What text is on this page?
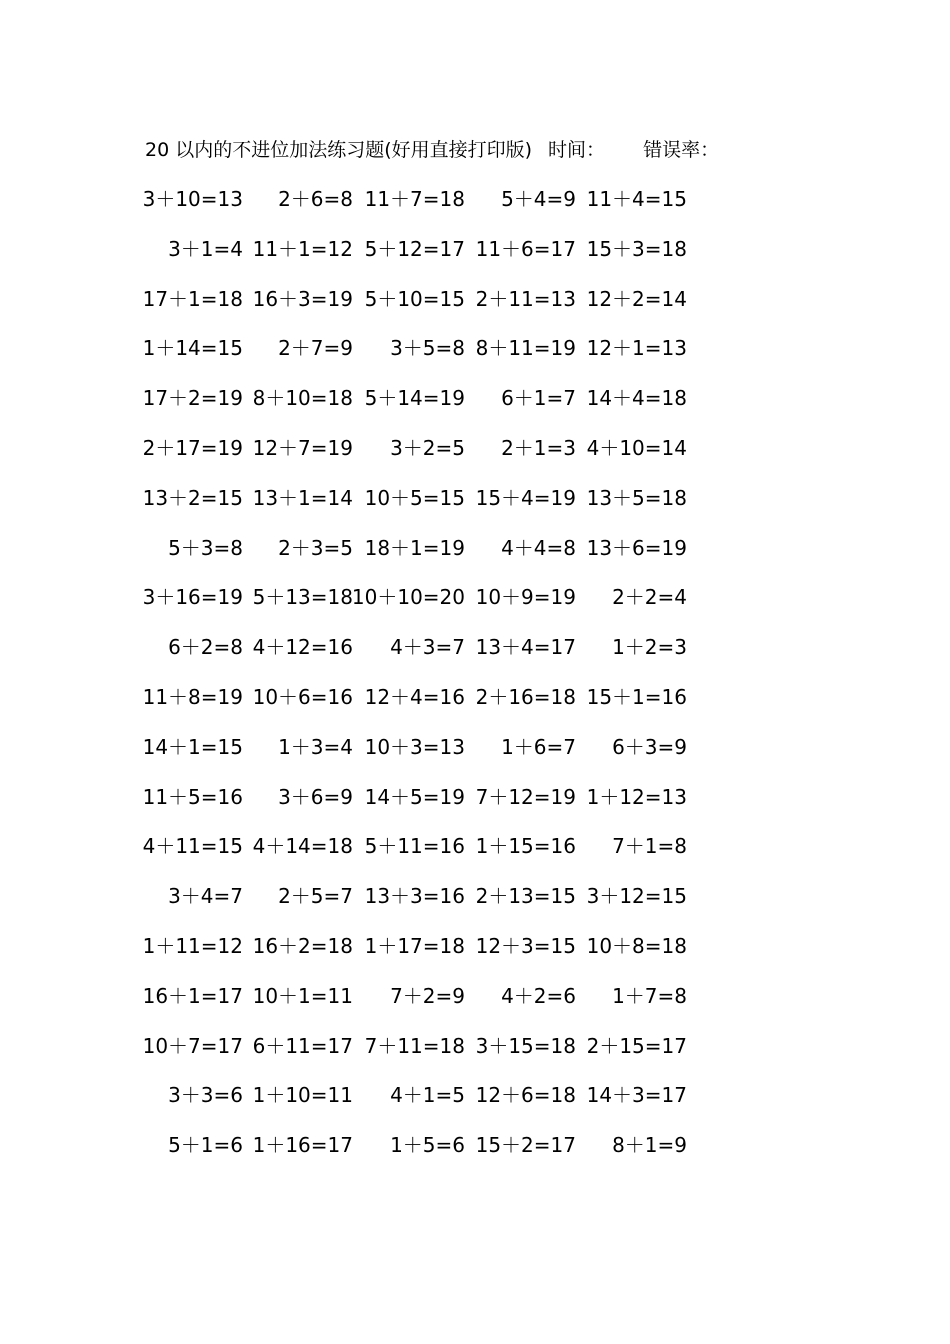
20 以内的不进位加法练习题(好用直接打印版) 时间： 错误率：
3＋10=13 2＋6=8 11＋7=18 5＋4=9 11＋4=15
3＋1=4 11＋1=12 5＋12=17 11＋6=17 15＋3=18
17＋1=18 16＋3=19 5＋10=15 2＋11=13 12＋2=14
1＋14=15 2＋7=9 3＋5=8 8＋11=19 12＋1=13
17＋2=19 8＋10=18 5＋14=19 6＋1=7 14＋4=18
2＋17=19 12＋7=19 3＋2=5 2＋1=3 4＋10=14
13＋2=15 13＋1=14 10＋5=15 15＋4=19 13＋5=18
5＋3=8 2＋3=5 18＋1=19 4＋4=8 13＋6=19
3＋16=19 5＋13=18
10＋10=20 10＋9=19 2＋2=4
6＋2=8 4＋12=16 4＋3=7 13＋4=17 1＋2=3
11＋8=19 10＋6=16 12＋4=16 2＋16=18 15＋1=16
14＋1=15 1＋3=4 10＋3=13 1＋6=7 6＋3=9
11＋5=16 3＋6=9 14＋5=19 7＋12=19 1＋12=13
4＋11=15 4＋14=18 5＋11=16 1＋15=16 7＋1=8
3＋4=7 2＋5=7 13＋3=16 2＋13=15 3＋12=15
1＋11=12 16＋2=18 1＋17=18 12＋3=15 10＋8=18
16＋1=17 10＋1=11 7＋2=9 4＋2=6 1＋7=8
10＋7=17 6＋11=17 7＋11=18 3＋15=18 2＋15=17
3＋3=6 1＋10=11 4＋1=5 12＋6=18 14＋3=17
5＋1=6 1＋16=17 1＋5=6 15＋2=17 8＋1=9
